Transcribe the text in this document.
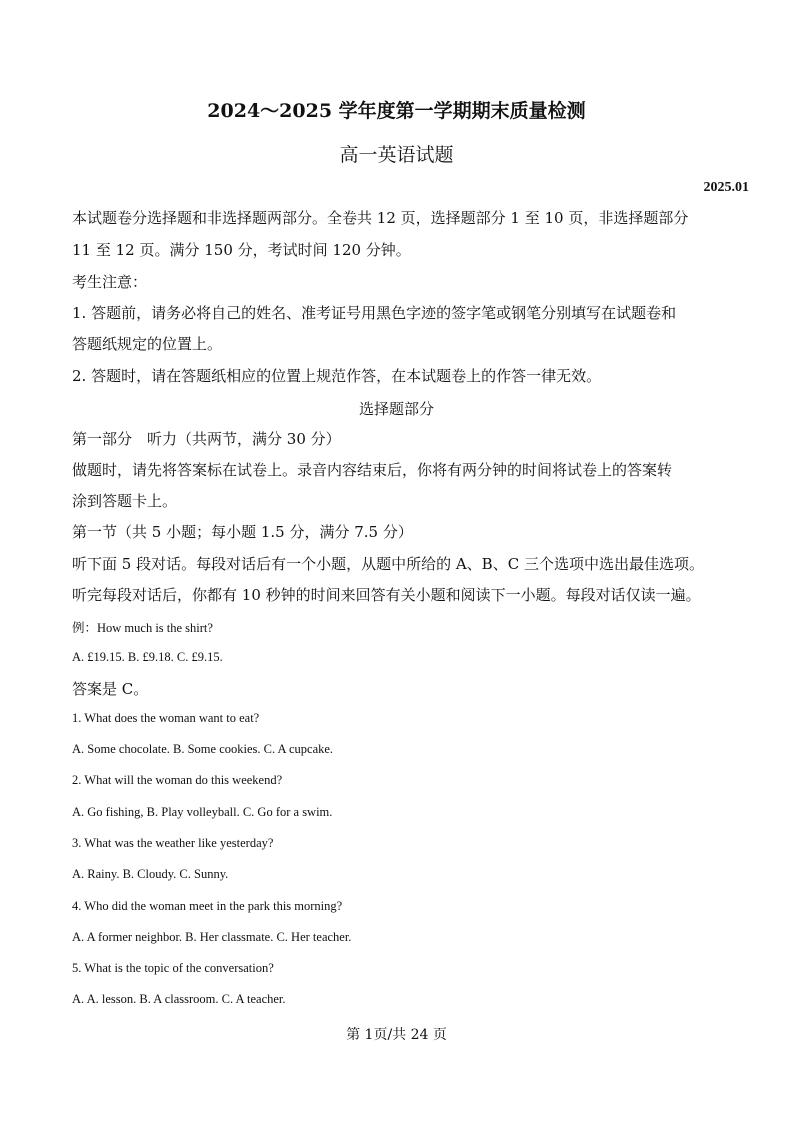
2024～2025 学年度第一学期期末质量检测
高一英语试题
2025.01
本试题卷分选择题和非选择题两部分。全卷共 12 页，选择题部分 1 至 10 页，非选择题部分
11 至 12 页。满分 150 分，考试时间 120 分钟。
考生注意：
1. 答题前，请务必将自己的姓名、准考证号用黑色字迹的签字笔或钢笔分别填写在试题卷和
答题纸规定的位置上。
2. 答题时，请在答题纸相应的位置上规范作答，在本试题卷上的作答一律无效。
选择题部分
第一部分　听力（共两节，满分 30 分）
做题时，请先将答案标在试卷上。录音内容结束后，你将有两分钟的时间将试卷上的答案转
涂到答题卡上。
第一节（共 5 小题；每小题 1.5 分，满分 7.5 分）
听下面 5 段对话。每段对话后有一个小题，从题中所给的 A、B、C 三个选项中选出最佳选项。
听完每段对话后，你都有 10 秒钟的时间来回答有关小题和阅读下一小题。每段对话仅读一遍。
例：How much is the shirt?
A. £19.15. B. £9.18. C. £9.15.
答案是 C。
1. What does the woman want to eat?
A. Some chocolate. B. Some cookies. C. A cupcake.
2. What will the woman do this weekend?
A. Go fishing, B. Play volleyball. C. Go for a swim.
3. What was the weather like yesterday?
A. Rainy. B. Cloudy. C. Sunny.
4. Who did the woman meet in the park this morning?
A. A former neighbor. B. Her classmate. C. Her teacher.
5. What is the topic of the conversation?
A. A. lesson. B. A classroom. C. A teacher.
第 1页/共 24 页
